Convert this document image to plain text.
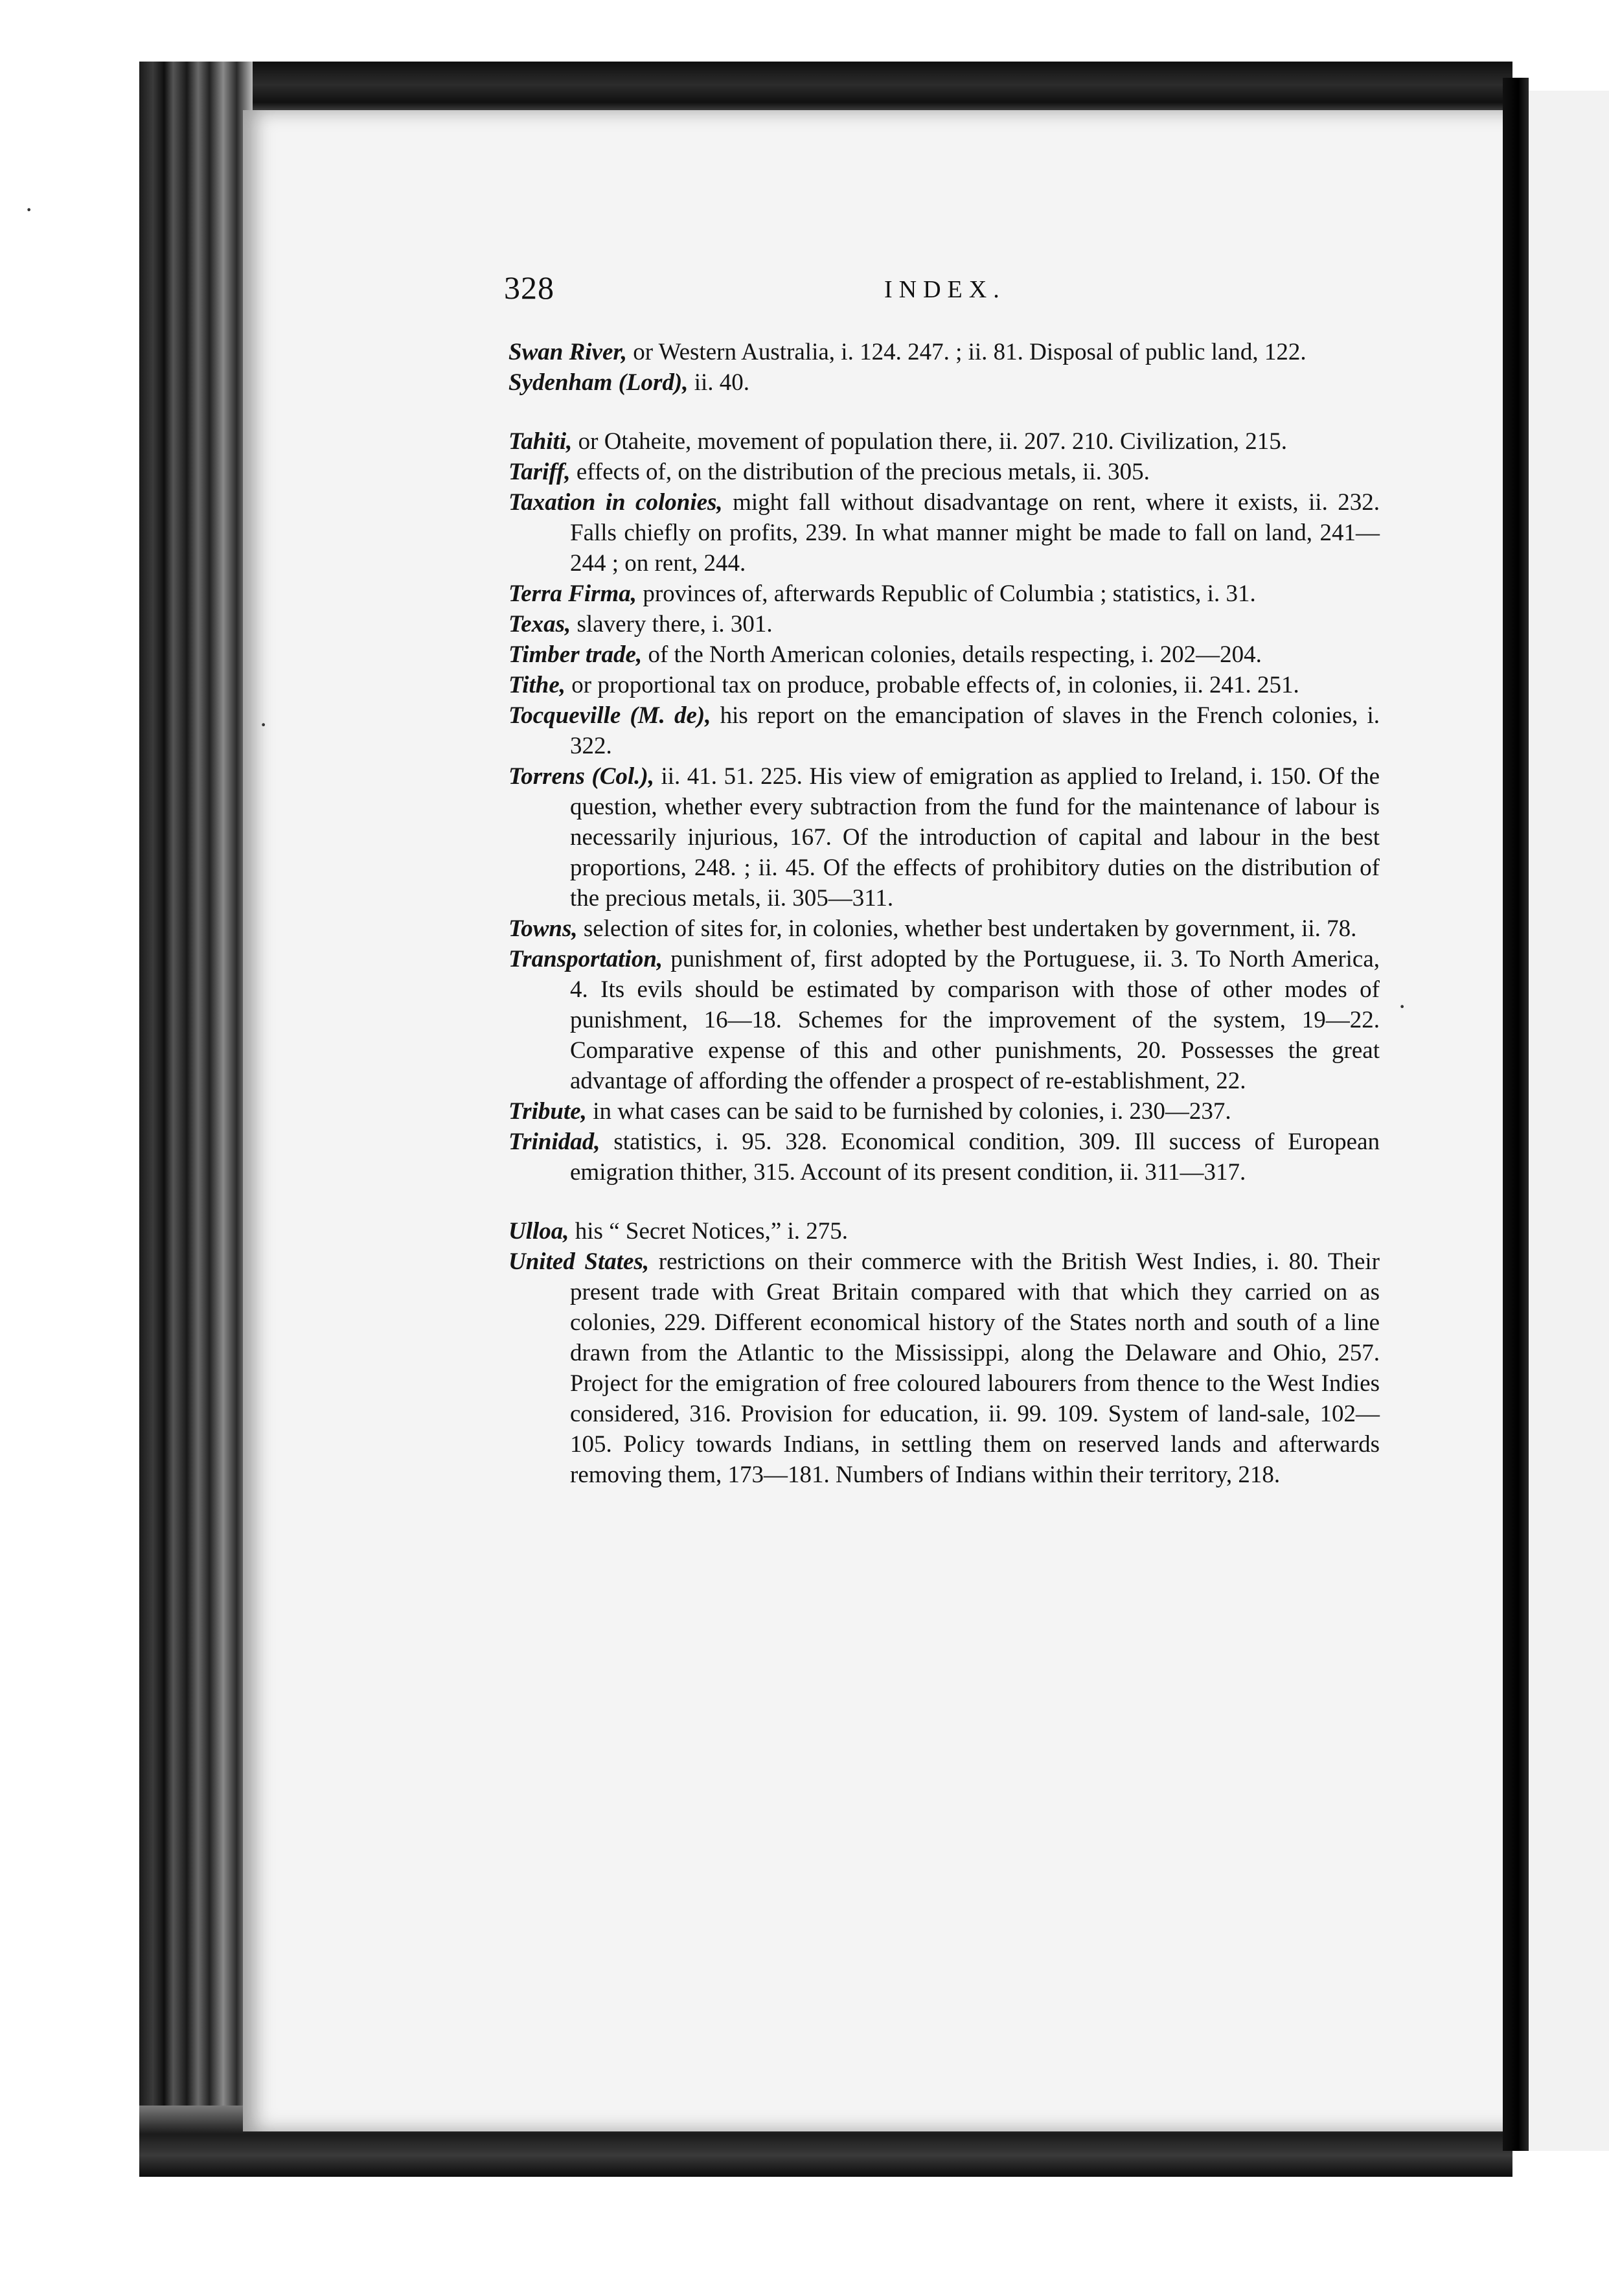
·
·
·
328	INDEX.

Swan River, or Western Australia, i. 124. 247. ; ii. 81. Disposal of public land, 122.

Sydenham (Lord), ii. 40.

Tahiti, or Otaheite, movement of population there, ii. 207. 210. Civilization, 215.

Tariff, effects of, on the distribution of the precious metals, ii. 305.

Taxation in colonies, might fall without disadvantage on rent, where it exists, ii. 232. Falls chiefly on profits, 239. In what manner might be made to fall on land, 241—244 ; on rent, 244.

Terra Firma, provinces of, afterwards Republic of Columbia ; statistics, i. 31.

Texas, slavery there, i. 301.

Timber trade, of the North American colonies, details respecting, i. 202—204.

Tithe, or proportional tax on produce, probable effects of, in colonies, ii. 241. 251.

Tocqueville (M. de), his report on the emancipation of slaves in the French colonies, i. 322.

Torrens (Col.), ii. 41. 51. 225. His view of emigration as applied to Ireland, i. 150. Of the question, whether every subtraction from the fund for the maintenance of labour is necessarily injurious, 167. Of the introduction of capital and labour in the best proportions, 248. ; ii. 45. Of the effects of prohibitory duties on the distribution of the precious metals, ii. 305—311.

Towns, selection of sites for, in colonies, whether best undertaken by government, ii. 78.

Transportation, punishment of, first adopted by the Portuguese, ii. 3. To North America, 4. Its evils should be estimated by comparison with those of other modes of punishment, 16—18. Schemes for the improvement of the system, 19—22. Comparative expense of this and other punishments, 20. Possesses the great advantage of affording the offender a prospect of re-establishment, 22.

Tribute, in what cases can be said to be furnished by colonies, i. 230—237.

Trinidad, statistics, i. 95. 328. Economical condition, 309. Ill success of European emigration thither, 315. Account of its present condition, ii. 311—317.

Ulloa, his “ Secret Notices,” i. 275.

United States, restrictions on their commerce with the British West Indies, i. 80. Their present trade with Great Britain compared with that which they carried on as colonies, 229. Different economical history of the States north and south of a line drawn from the Atlantic to the Mississippi, along the Delaware and Ohio, 257. Project for the emigration of free coloured labourers from thence to the West Indies considered, 316. Provision for education, ii. 99. 109. System of land-sale, 102—105. Policy towards Indians, in settling them on reserved lands and afterwards removing them, 173—181. Numbers of Indians within their territory, 218.
